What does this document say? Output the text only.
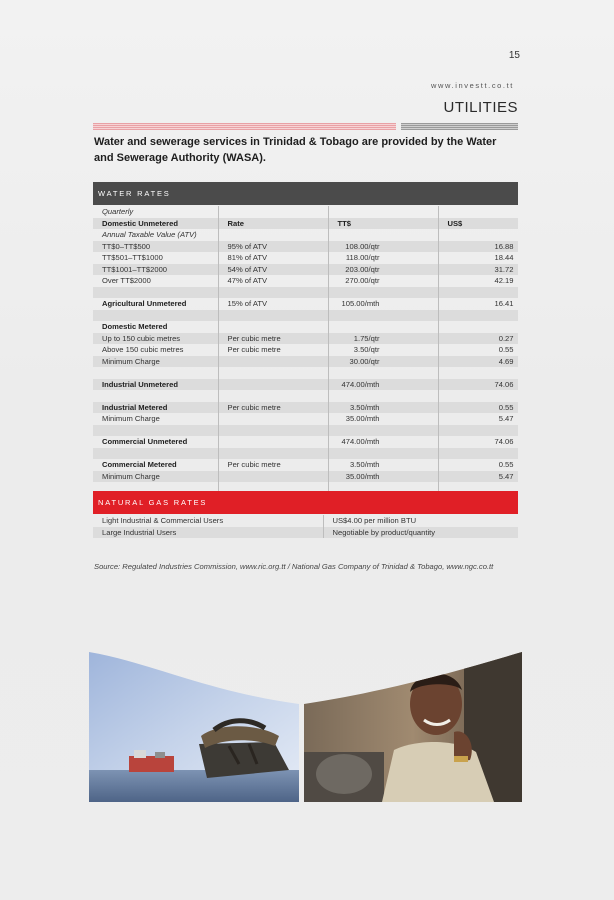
15
www.investt.co.tt
UTILITIES
Water and sewerage services in Trinidad & Tobago are provided by the Water and Sewerage Authority (WASA).
WATER RATES
Quarterly			
Domestic Unmetered	Rate	TT$	US$
Annual Taxable Value (ATV)			
TT$0–TT$500	95% of ATV	108.00/qtr	16.88
TT$501–TT$1000	81% of ATV	118.00/qtr	18.44
TT$1001–TT$2000	54% of ATV	203.00/qtr	31.72
Over TT$2000	47% of ATV	270.00/qtr	42.19

Agricultural Unmetered	15% of ATV	105.00/mth	16.41

Domestic Metered			
Up to 150 cubic metres	Per cubic metre	1.75/qtr	0.27
Above 150 cubic metres	Per cubic metre	3.50/qtr	0.55
Minimum Charge		30.00/qtr	4.69

Industrial Unmetered		474.00/mth	74.06

Industrial Metered	Per cubic metre	3.50/mth	0.55
Minimum Charge		35.00/mth	5.47

Commercial Unmetered		474.00/mth	74.06

Commercial Metered	Per cubic metre	3.50/mth	0.55
Minimum Charge		35.00/mth	5.47

NATURAL GAS RATES
Light Industrial & Commercial Users	US$4.00 per million BTU
Large Industrial Users	Negotiable by product/quantity
Source: Regulated Industries Commission, www.ric.org.tt / National Gas Company of Trinidad & Tobago, www.ngc.co.tt
